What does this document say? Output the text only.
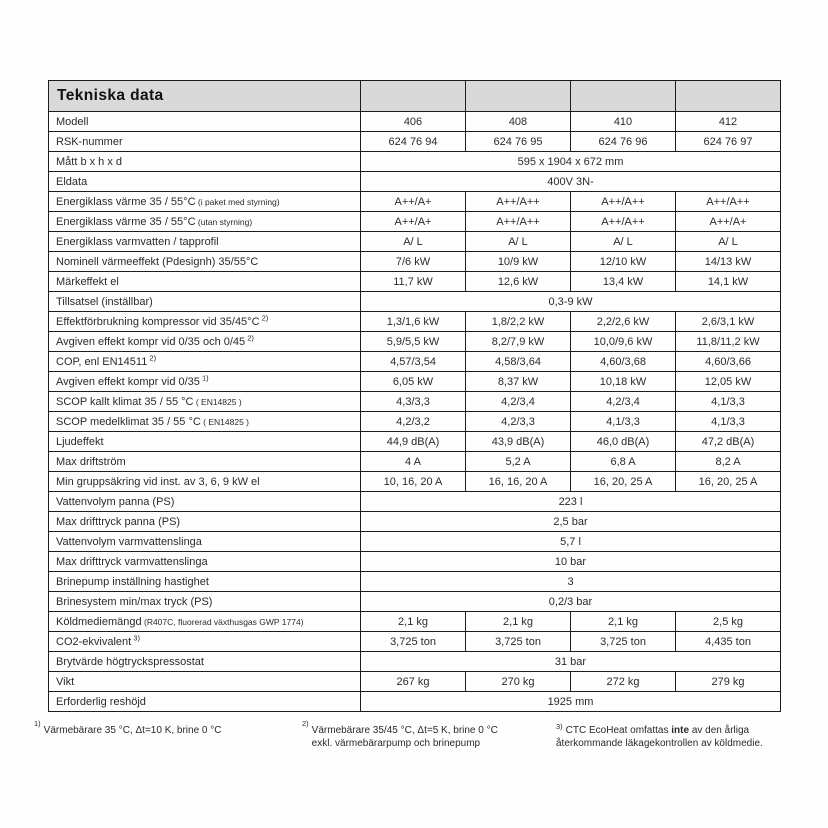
Tekniska data				
Modell	406	408	410	412
RSK-nummer	624 76 94	624 76 95	624 76 96	624 76 97
Mått b x h x d	595 x 1904 x 672 mm			
Eldata	400V 3N-			
Energiklass värme 35 / 55°C (i paket med styrning)	A++/A+	A++/A++	A++/A++	A++/A++
Energiklass värme 35 / 55°C (utan styrning)	A++/A+	A++/A++	A++/A++	A++/A+
Energiklass varmvatten / tapprofil	A/ L	A/ L	A/ L	A/ L
Nominell värmeeffekt (Pdesignh) 35/55°C	7/6 kW	10/9 kW	12/10 kW	14/13 kW
Märkeffekt el	11,7 kW	12,6 kW	13,4 kW	14,1 kW
Tillsatsel (inställbar)	0,3-9 kW			
Effektförbrukning kompressor vid 35/45°C $^{2)}$	1,3/1,6 kW	1,8/2,2 kW	2,2/2,6 kW	2,6/3,1 kW
Avgiven effekt kompr vid 0/35 och 0/45 $^{2)}$	5,9/5,5 kW	8,2/7,9 kW	10,0/9,6 kW	11,8/11,2 kW
COP, enl EN14511 $^{2)}$	4,57/3,54	4,58/3,64	4,60/3,68	4,60/3,66
Avgiven effekt kompr vid 0/35 $^{1)}$	6,05 kW	8,37 kW	10,18 kW	12,05 kW
SCOP kallt klimat 35 / 55 °C ( EN14825 )	4,3/3,3	4,2/3,4	4,2/3,4	4,1/3,3
SCOP medelklimat 35 / 55 °C ( EN14825 )	4,2/3,2	4,2/3,3	4,1/3,3	4,1/3,3
Ljudeffekt	44,9 dB(A)	43,9 dB(A)	46,0 dB(A)	47,2 dB(A)
Max driftström	4 A	5,2 A	6,8 A	8,2 A
Min gruppsäkring vid inst. av 3, 6, 9 kW el	10, 16, 20 A	16, 16, 20 A	16, 20, 25 A	16, 20, 25 A
Vattenvolym panna (PS)	223 l			
Max drifttryck panna (PS)	2,5 bar			
Vattenvolym varmvattenslinga	5,7 l			
Max drifttryck varmvattenslinga	10 bar			
Brinepump inställning hastighet	3			
Brinesystem min/max tryck (PS)	0,2/3 bar			
Köldmediemängd (R407C, fluorerad växthusgas GWP 1774)	2,1 kg	2,1 kg	2,1 kg	2,5 kg
CO2-ekvivalent $^{3)}$	3,725 ton	3,725 ton	3,725 ton	4,435 ton
Brytvärde högtryckspressostat	31 bar			
Vikt	267 kg	270 kg	272 kg	279 kg
Erforderlig reshöjd	1925 mm			
1)
Värmebärare 35 °C, Δt=10 K, brine 0 °C
2)
Värmebärare 35/45 °C, Δt=5 K, brine 0 °C
exkl. värmebärarpump och brinepump
$^{3)}$ CTC EcoHeat omfattas inte av den årliga återkommande läkagekontrollen av köldmedie.
